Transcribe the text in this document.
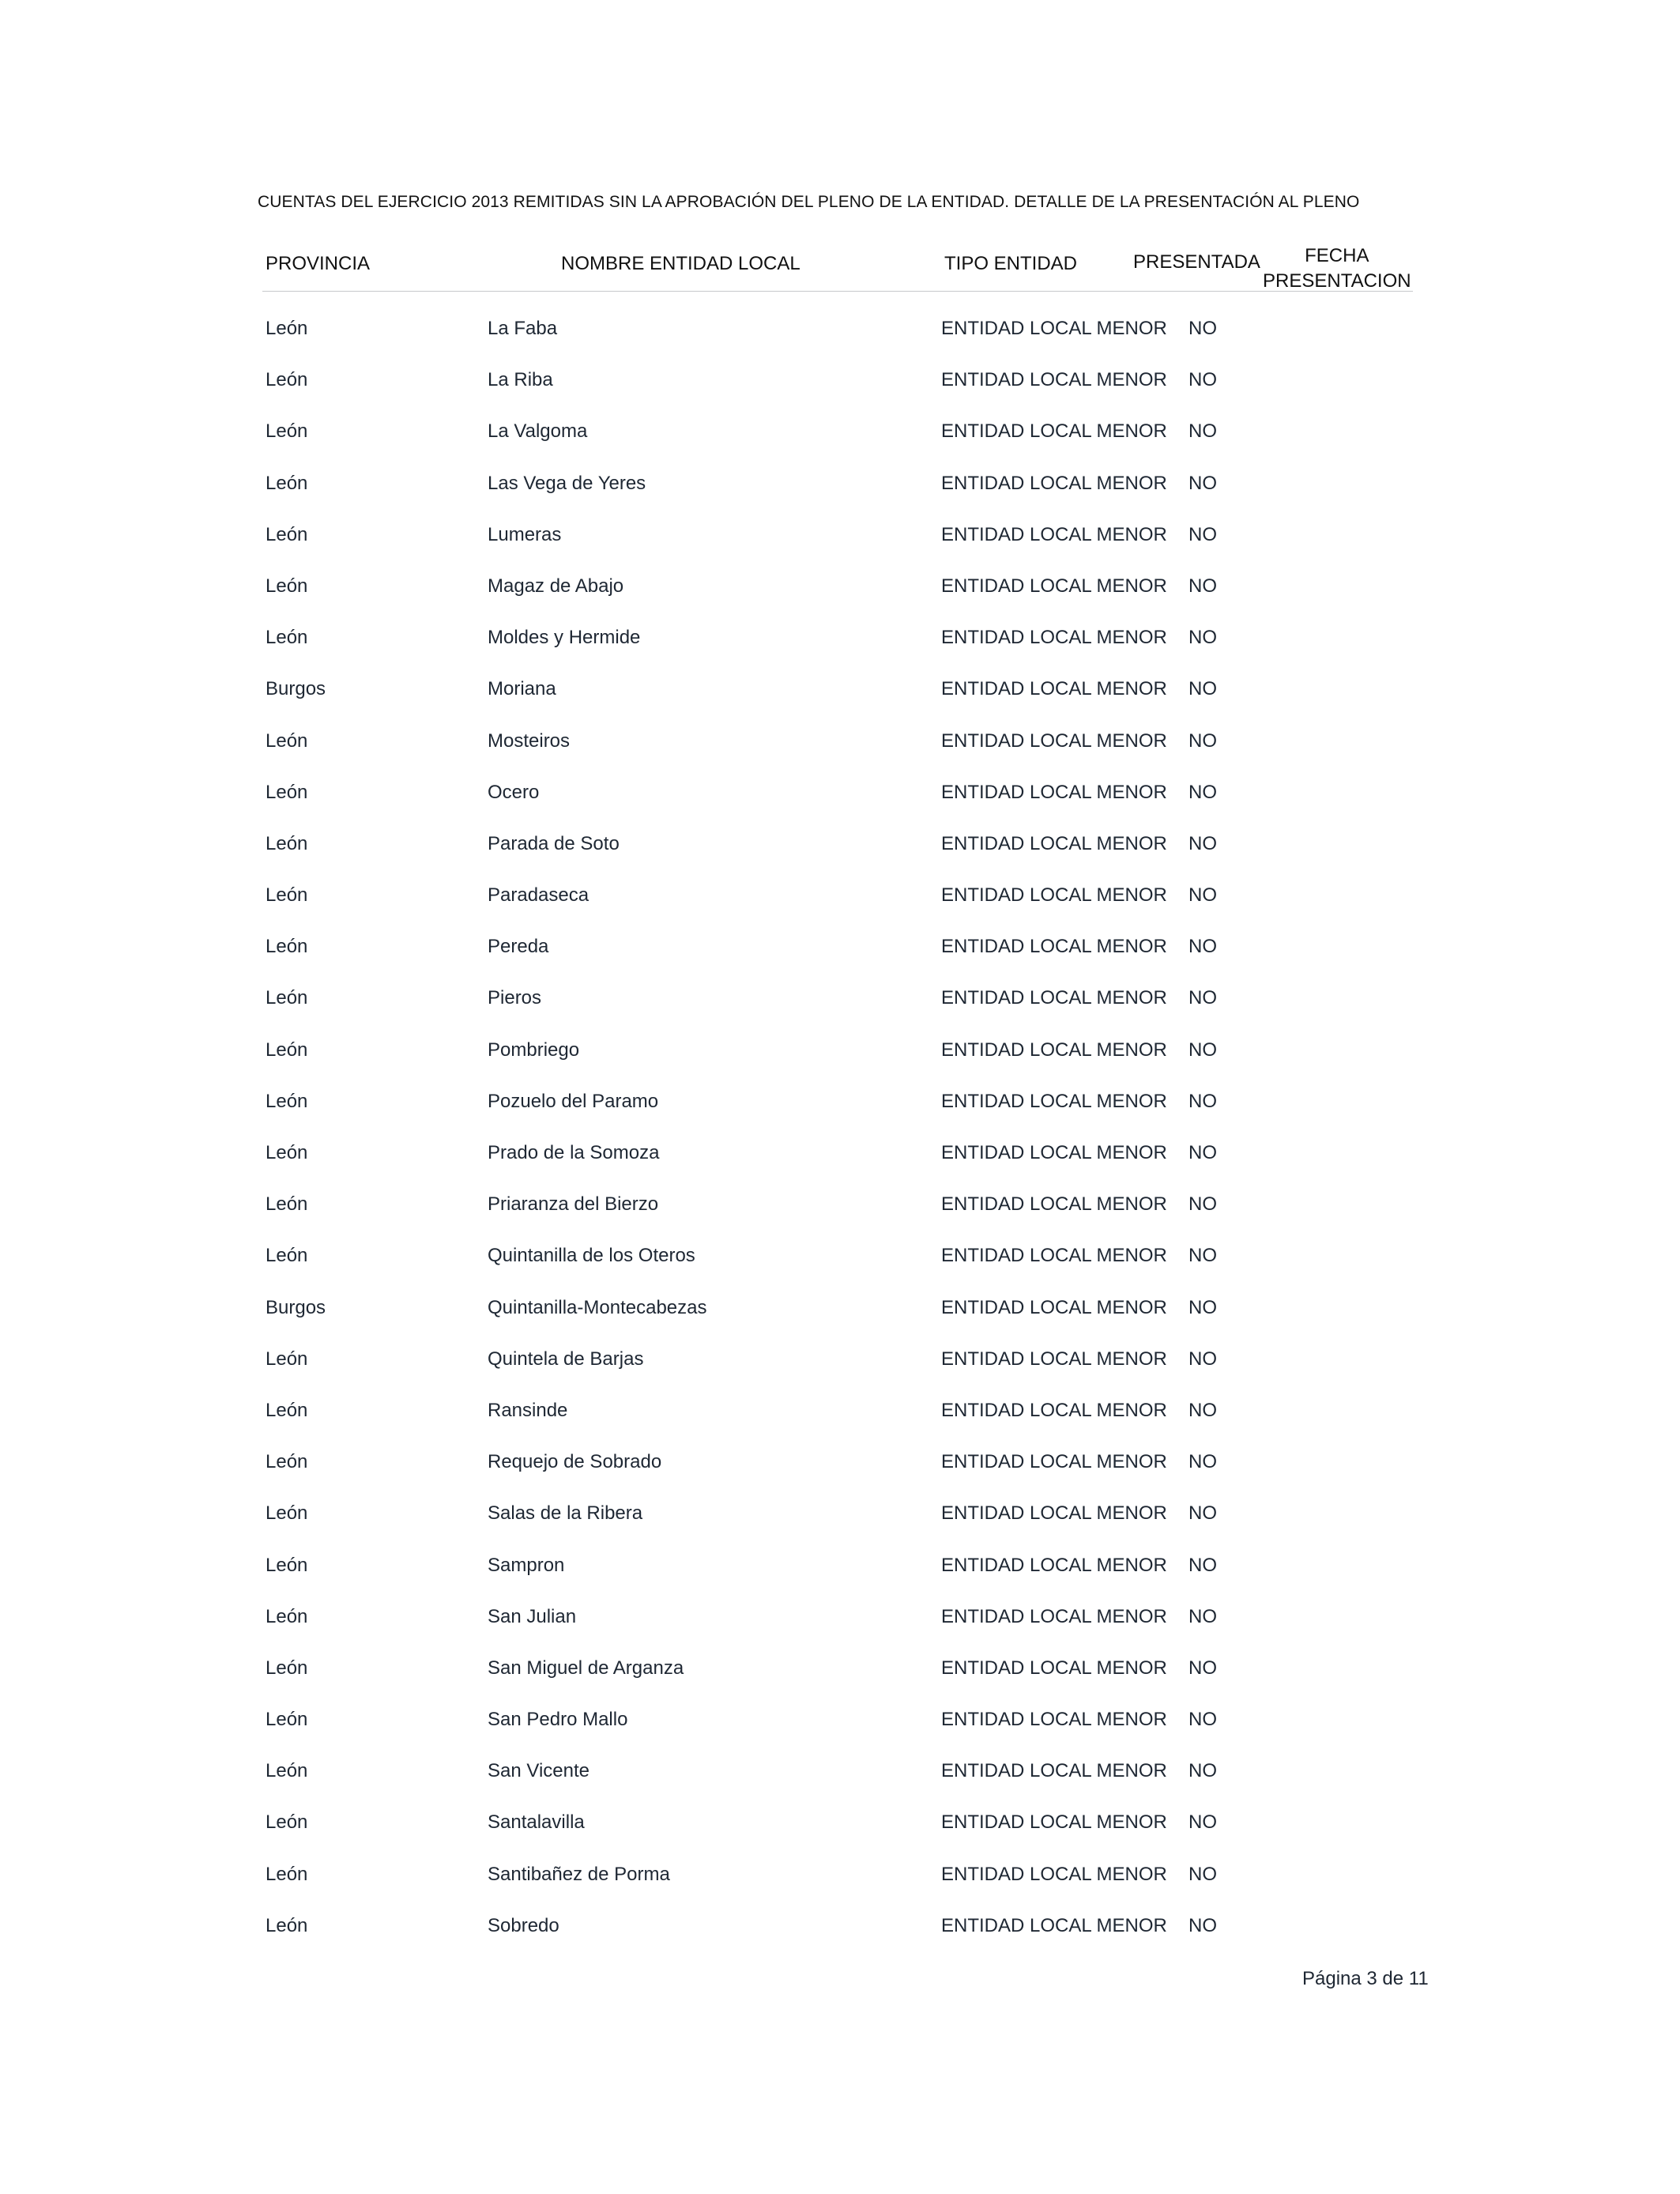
CUENTAS DEL EJERCICIO 2013 REMITIDAS SIN LA APROBACIÓN DEL PLENO DE LA ENTIDAD. DETALLE DE LA PRESENTACIÓN AL PLENO
PROVINCIA	NOMBRE ENTIDAD LOCAL	TIPO ENTIDAD	PRESENTADA	FECHA
PRESENTACION
León	La Faba	ENTIDAD LOCAL MENOR NO
León	La Riba	ENTIDAD LOCAL MENOR NO
León	La Valgoma	ENTIDAD LOCAL MENOR NO
León	Las Vega de Yeres	ENTIDAD LOCAL MENOR NO
León	Lumeras	ENTIDAD LOCAL MENOR NO
León	Magaz de Abajo	ENTIDAD LOCAL MENOR NO
León	Moldes y Hermide	ENTIDAD LOCAL MENOR NO
Burgos	Moriana	ENTIDAD LOCAL MENOR NO
León	Mosteiros	ENTIDAD LOCAL MENOR NO
León	Ocero	ENTIDAD LOCAL MENOR NO
León	Parada de Soto	ENTIDAD LOCAL MENOR NO
León	Paradaseca	ENTIDAD LOCAL MENOR NO
León	Pereda	ENTIDAD LOCAL MENOR NO
León	Pieros	ENTIDAD LOCAL MENOR NO
León	Pombriego	ENTIDAD LOCAL MENOR NO
León	Pozuelo del Paramo	ENTIDAD LOCAL MENOR NO
León	Prado de la Somoza	ENTIDAD LOCAL MENOR NO
León	Priaranza del Bierzo	ENTIDAD LOCAL MENOR NO
León	Quintanilla de los Oteros	ENTIDAD LOCAL MENOR NO
Burgos	Quintanilla-Montecabezas	ENTIDAD LOCAL MENOR NO
León	Quintela de Barjas	ENTIDAD LOCAL MENOR NO
León	Ransinde	ENTIDAD LOCAL MENOR NO
León	Requejo de Sobrado	ENTIDAD LOCAL MENOR NO
León	Salas de la Ribera	ENTIDAD LOCAL MENOR NO
León	Sampron	ENTIDAD LOCAL MENOR NO
León	San Julian	ENTIDAD LOCAL MENOR NO
León	San Miguel de Arganza	ENTIDAD LOCAL MENOR NO
León	San Pedro Mallo	ENTIDAD LOCAL MENOR NO
León	San Vicente	ENTIDAD LOCAL MENOR NO
León	Santalavilla	ENTIDAD LOCAL MENOR NO
León	Santibañez de Porma	ENTIDAD LOCAL MENOR NO
León	Sobredo	ENTIDAD LOCAL MENOR NO
Página 3 de 11
